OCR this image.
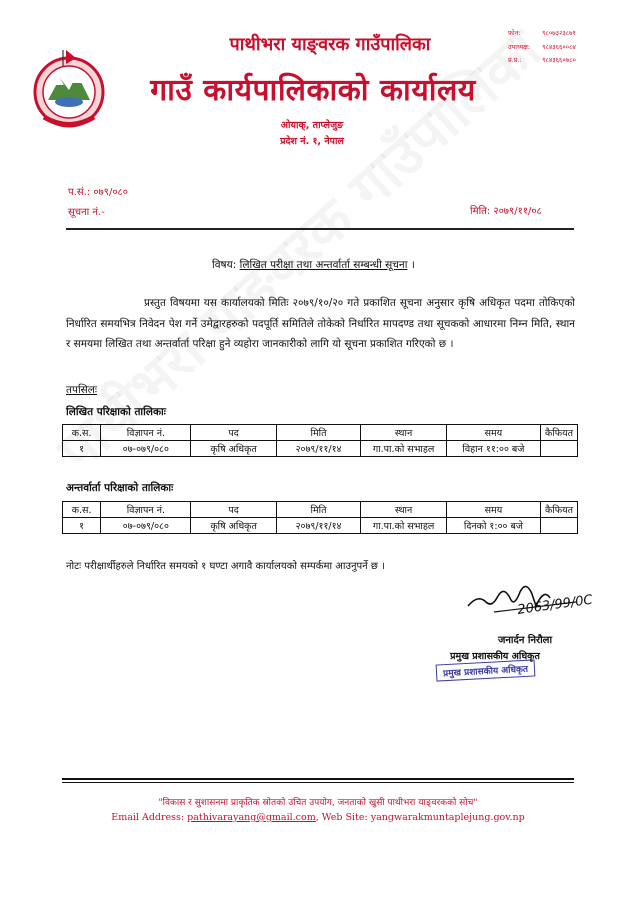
पाथीभरा याङ्वरक गाउँपालिका
गाउँ कार्यपालिकाको कार्यालय
ओयाक्, ताप्लेजुङ
प्रदेश नं. १, नेपाल
फ़ोन:	९८०७३२३८७१
उपाध्यक्ष: ९८४३६६००८४
प्र.प्र.:	९८४३६६०७८०
प.सं.: ०७९/०८०
सूचना नं.-	मिति: २०७९/११/०८
विषय: लिखित परीक्षा तथा अन्तर्वार्ता सम्बन्धी सूचना ।
प्रस्तुत विषयमा यस कार्यालयको मितिः २०७९/१०/२० गते प्रकाशित सूचना अनुसार कृषि अधिकृत पदमा तोकिएको निर्धारित समयभित्र निवेदन पेश गर्ने उमेद्वारहरुको पदपूर्ति समितिले तोकेको निर्धारित मापदण्ड तथा सूचकको आधारमा निम्न मिति, स्थान र समयमा लिखित तथा अन्तर्वार्ता परिक्षा हुने व्यहोरा जानकारीको लागि यो सूचना प्रकाशित गरिएको छ ।
तपसिलः
लिखित परिक्षाको तालिकाः
क.स.	विज्ञापन नं.	पद	मिति	स्थान	समय	कैफियत
१	०७-०७९/०८०	कृषि अधिकृत	२०७९/११/१४	गा.पा.को सभाहल	विहान ११:०० बजे	
अन्तर्वार्ता परिक्षाको तालिकाः
क.स.	विज्ञापन नं.	पद	मिति	स्थान	समय	कैफियत
१	०७-०७९/०८०	कृषि अधिकृत	२०७९/११/१४	गा.पा.को सभाहल	दिनको १:०० बजे	
नोटः परीक्षार्थीहरुले निर्धारित समयको १ घण्टा अगावै कार्यालयको सम्पर्कमा आउनुपर्ने छ ।
2063/99/0C
जनार्दन निरौला
प्रमुख प्रशासकीय अधिकृत
प्रमुख प्रशासकीय अधिकृत
"विकास र सुशासनमा प्राकृतिक स्रोतको उचित उपयोग, जनताको खुसी पाथीभरा याङ्वरकको सोच"
Email Address: pathivarayang@gmail.com, Web Site: yangwarakmuntaplejung.gov.np
